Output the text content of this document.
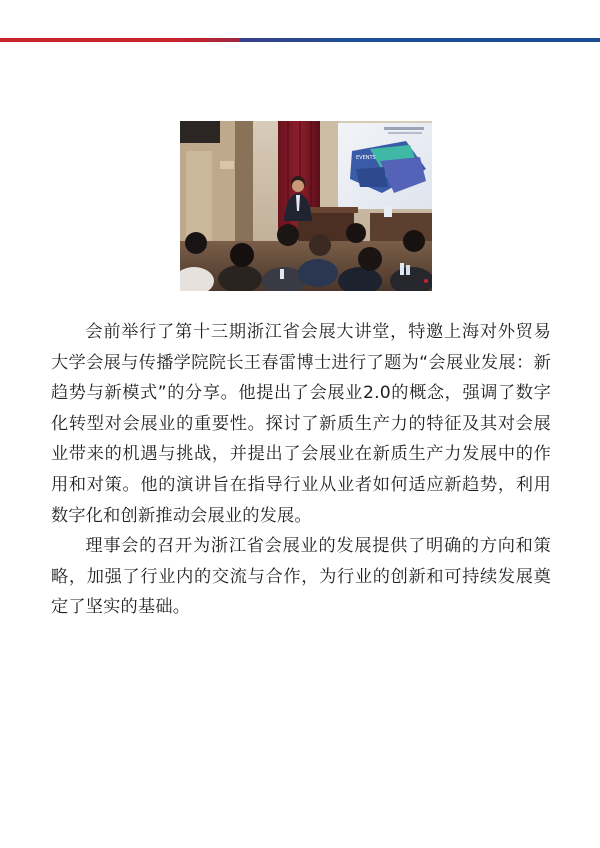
EVENTS

会前举行了第十三期浙江省会展大讲堂，特邀上海对外贸易大学会展与传播学院院长王春雷博士进行了题为“会展业发展：新趋势与新模式”的分享。他提出了会展业2.0的概念，强调了数字化转型对会展业的重要性。探讨了新质生产力的特征及其对会展业带来的机遇与挑战，并提出了会展业在新质生产力发展中的作用和对策。他的演讲旨在指导行业从业者如何适应新趋势，利用数字化和创新推动会展业的发展。

理事会的召开为浙江省会展业的发展提供了明确的方向和策略，加强了行业内的交流与合作，为行业的创新和可持续发展奠定了坚实的基础。
